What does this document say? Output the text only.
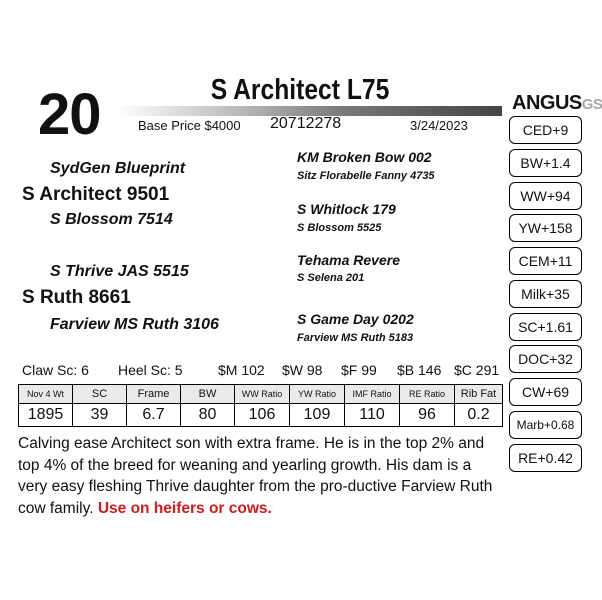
20	S Architect L75
Base Price $4000 20712278	3/24/2023
ANGUSGS
CED+9
BW+1.4
WW+94
YW+158
CEM+11
Milk+35
SC+1.61
DOC+32
CW+69
Marb+0.68
RE+0.42
SydGen Blueprint
S Architect 9501
S Blossom 7514
S Thrive JAS 5515
S Ruth 8661
Farview MS Ruth 3106
KM Broken Bow 002
Sitz Florabelle Fanny 4735
S Whitlock 179
S Blossom 5525
Tehama Revere
S Selena 201
S Game Day 0202
Farview MS Ruth 5183
Claw Sc: 6 Heel Sc: 5	$M 102 $W 98 $F 99 $B 146 $C 291
Nov 4 Wt	SC	Frame	BW	WW Ratio	YW Ratio	IMF Ratio	RE Ratio	Rib Fat
1895	39	6.7	80	106	109	110	96	0.2
Calving ease Architect son with extra frame. He is in the top 2% and top 4% of the breed for weaning and yearling growth. His dam is a very easy fleshing Thrive daughter from the pro-ductive Farview Ruth cow family. Use on heifers or cows.
